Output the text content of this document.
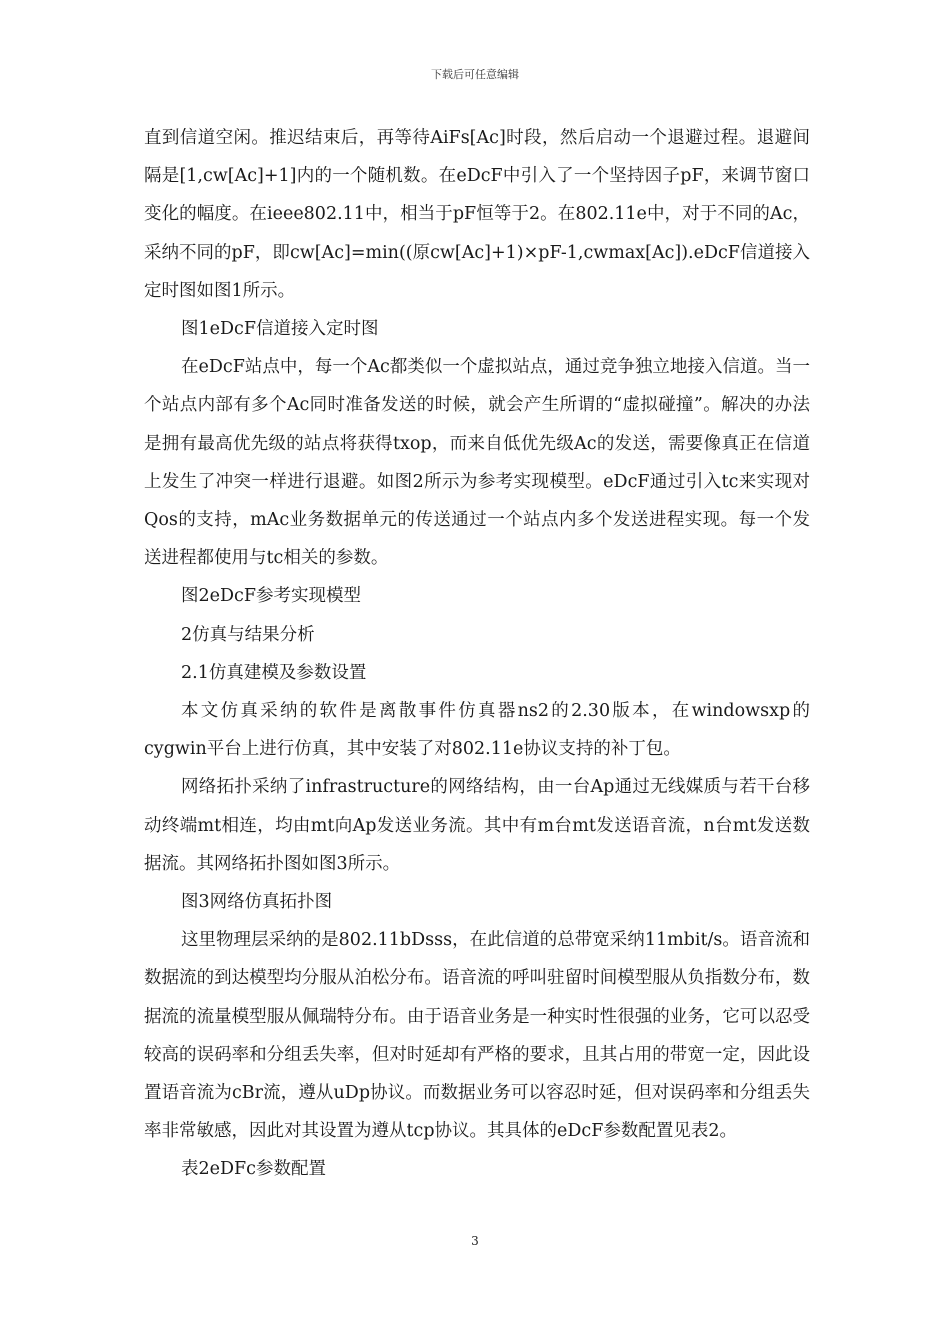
下载后可任意编辑

直到信道空闲。推迟结束后，再等待AiFs[Ac]时段，然后启动一个退避过程。退避间隔是[1,cw[Ac]+1]内的一个随机数。在eDcF中引入了一个坚持因子pF，来调节窗口变化的幅度。在ieee802.11中，相当于pF恒等于2。在802.11e中，对于不同的Ac，采纳不同的pF，即cw[Ac]=min((原cw[Ac]+1)×pF-1,cwmax[Ac]).eDcF信道接入定时图如图1所示。

图1eDcF信道接入定时图

在eDcF站点中，每一个Ac都类似一个虚拟站点，通过竞争独立地接入信道。当一个站点内部有多个Ac同时准备发送的时候，就会产生所谓的“虚拟碰撞”。解决的办法是拥有最高优先级的站点将获得txop，而来自低优先级Ac的发送，需要像真正在信道上发生了冲突一样进行退避。如图2所示为参考实现模型。eDcF通过引入tc来实现对Qos的支持，mAc业务数据单元的传送通过一个站点内多个发送进程实现。每一个发送进程都使用与tc相关的参数。

图2eDcF参考实现模型

2仿真与结果分析

2.1仿真建模及参数设置

本文仿真采纳的软件是离散事件仿真器ns2的2.30版本，在windowsxp的cygwin平台上进行仿真，其中安装了对802.11e协议支持的补丁包。

网络拓扑采纳了infrastructure的网络结构，由一台Ap通过无线媒质与若干台移动终端mt相连，均由mt向Ap发送业务流。其中有m台mt发送语音流，n台mt发送数据流。其网络拓扑图如图3所示。

图3网络仿真拓扑图

这里物理层采纳的是802.11bDsss，在此信道的总带宽采纳11mbit/s。语音流和数据流的到达模型均分服从泊松分布。语音流的呼叫驻留时间模型服从负指数分布，数据流的流量模型服从佩瑞特分布。由于语音业务是一种实时性很强的业务，它可以忍受较高的误码率和分组丢失率，但对时延却有严格的要求，且其占用的带宽一定，因此设置语音流为cBr流，遵从uDp协议。而数据业务可以容忍时延，但对误码率和分组丢失率非常敏感，因此对其设置为遵从tcp协议。其具体的eDcF参数配置见表2。

表2eDFc参数配置

3
